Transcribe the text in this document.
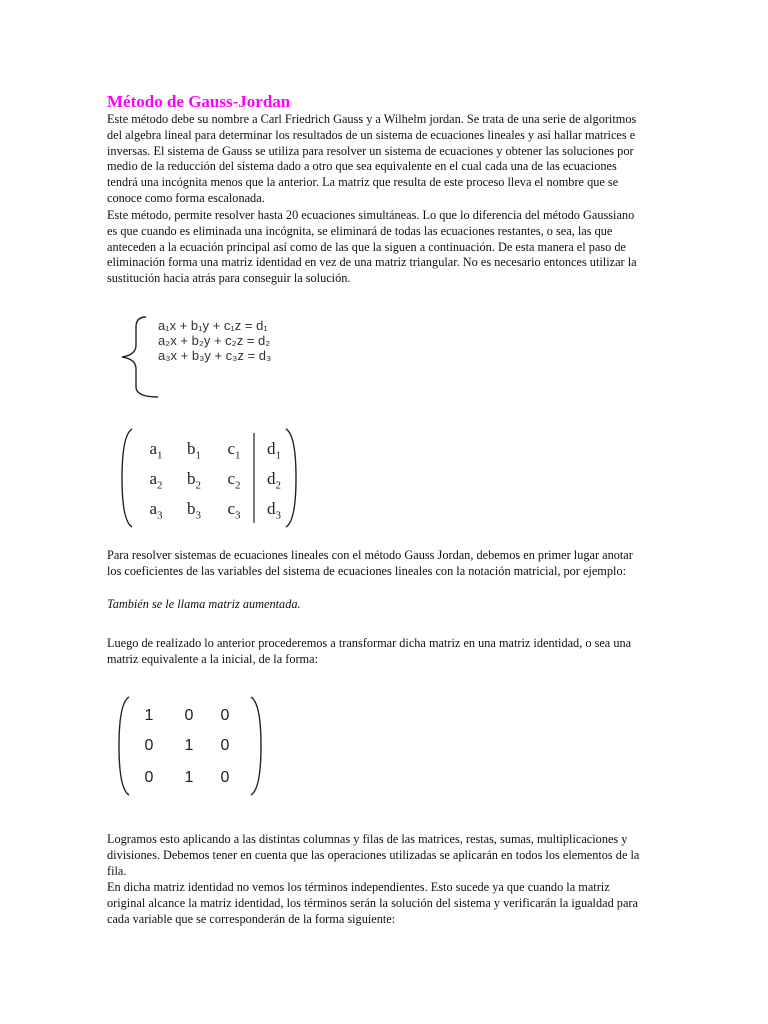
Método de Gauss-Jordan

Este método debe su nombre a Carl Friedrich Gauss y a Wilhelm jordan. Se trata de una serie de algoritmos del algebra lineal para determinar los resultados de un sistema de ecuaciones lineales y así hallar matrices e inversas. El sistema de Gauss se utiliza para resolver un sistema de ecuaciones y obtener las soluciones por medio de la reducción del sistema dado a otro que sea equivalente en el cual cada una de las ecuaciones tendrá una incógnita menos que la anterior. La matriz que resulta de este proceso lleva el nombre que se conoce como forma escalonada.

Este método, permite resolver hasta 20 ecuaciones simultáneas. Lo que lo diferencia del método Gaussiano es que cuando es eliminada una incógnita, se eliminará de todas las ecuaciones restantes, o sea, las que anteceden a la ecuación principal así como de las que la siguen a continuación. De esta manera el paso de eliminación forma una matriz identidad en vez de una matriz triangular. No es necesario entonces utilizar la sustitución hacia atrás para conseguir la solución.

a₁x + b₁y + c₁z = d₁
a₂x + b₂y + c₂z = d₂
a₃x + b₃y + c₃z = d₃
$a_1$	$b_1$	$c_1$	$d_1$
$a_2$	$b_2$	$c_2$	$d_2$
$a_3$	$b_3$	$c_3$	$d_3$

Para resolver sistemas de ecuaciones lineales con el método Gauss Jordan, debemos en primer lugar anotar los coeficientes de las variables del sistema de ecuaciones lineales con la notación matricial, por ejemplo:

También se le llama matriz aumentada.

Luego de realizado lo anterior procederemos a transformar dicha matriz en una matriz identidad, o sea una matriz equivalente a la inicial, de la forma:

1	0	0
0	1	0
0	1	0

Logramos esto aplicando a las distintas columnas y filas de las matrices, restas, sumas, multiplicaciones y divisiones. Debemos tener en cuenta que las operaciones utilizadas se aplicarán en todos los elementos de la fila.

En dicha matriz identidad no vemos los términos independientes. Esto sucede ya que cuando la matriz original alcance la matriz identidad, los términos serán la solución del sistema y verificarán la igualdad para cada variable que se corresponderán de la forma siguiente:
